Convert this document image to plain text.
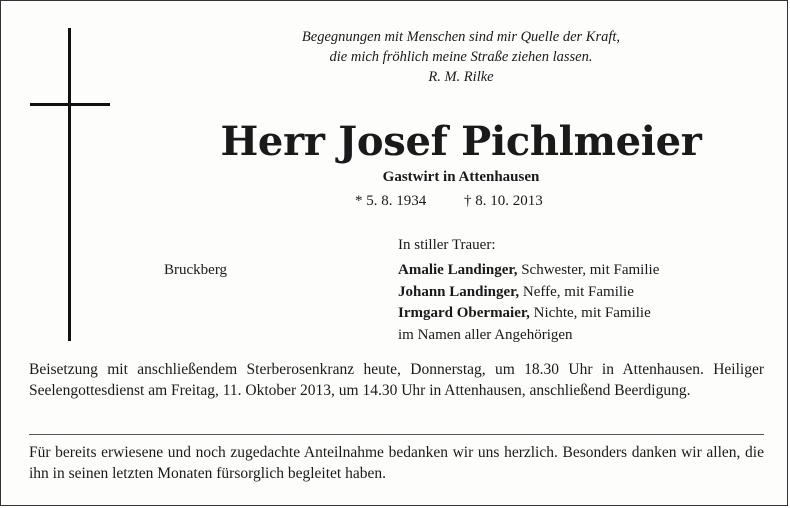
Begegnungen mit Menschen sind mir Quelle der Kraft,
die mich fröhlich meine Straße ziehen lassen.
R. M. Rilke
Herr Josef Pichlmeier
Gastwirt in Attenhausen
* 5. 8. 1934	† 8. 10. 2013
In stiller Trauer:
Bruckberg	Amalie Landinger, Schwester, mit Familie
Johann Landinger, Neffe, mit Familie
Irmgard Obermaier, Nichte, mit Familie
im Namen aller Angehörigen
Beisetzung mit anschließendem Sterberosenkranz heute, Donnerstag, um 18.30 Uhr in Attenhausen. Heiliger Seelengottesdienst am Freitag, 11. Oktober 2013, um 14.30 Uhr in Attenhausen, anschließend Beerdigung.
Für bereits erwiesene und noch zugedachte Anteilnahme bedanken wir uns herzlich. Besonders danken wir allen, die ihn in seinen letzten Monaten fürsorglich begleitet haben.
